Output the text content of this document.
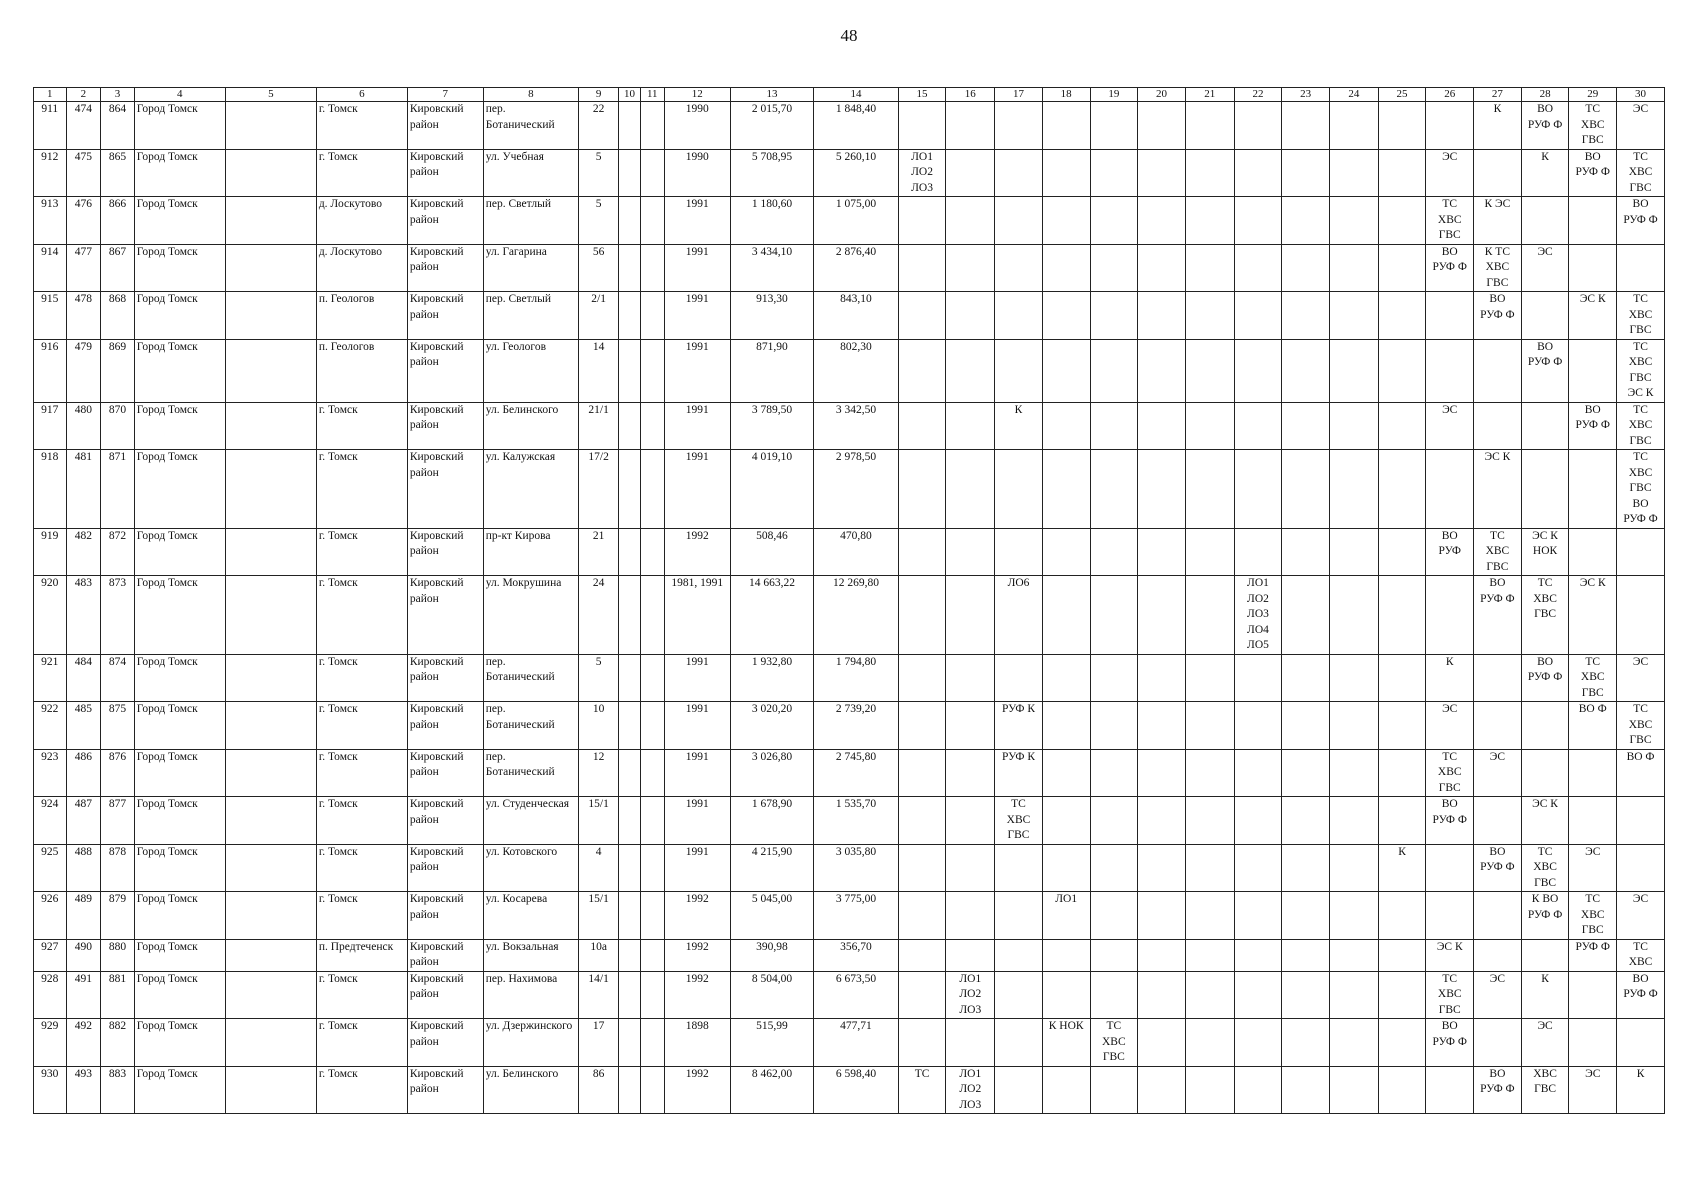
48
1	2	3	4	5	6	7	8	9	10	11	12	13	14	15	16	17	18	19	20	21	22	23	24	25	26	27	28	29	30
911	474	864	Город Томск		г. Томск	Кировский район	пер. Ботанический	22			1990	2 015,70	1 848,40													К	ВО
РУФ Ф	ТС
ХВС
ГВС	ЭС
912	475	865	Город Томск		г. Томск	Кировский район	ул. Учебная	5			1990	5 708,95	5 260,10	ЛО1
ЛО2
ЛО3											ЭС		К	ВО
РУФ Ф	ТС
ХВС
ГВС
913	476	866	Город Томск		д. Лоскутово	Кировский район	пер. Светлый	5			1991	1 180,60	1 075,00												ТС
ХВС
ГВС	К ЭС			ВО
РУФ Ф
914	477	867	Город Томск		д. Лоскутово	Кировский район	ул. Гагарина	56			1991	3 434,10	2 876,40												ВО
РУФ Ф	К ТС
ХВС
ГВС	ЭС		
915	478	868	Город Томск		п. Геологов	Кировский район	пер. Светлый	2/1			1991	913,30	843,10													ВО
РУФ Ф		ЭС К	ТС
ХВС
ГВС
916	479	869	Город Томск		п. Геологов	Кировский район	ул. Геологов	14			1991	871,90	802,30														ВО
РУФ Ф		ТС
ХВС
ГВС
ЭС К
917	480	870	Город Томск		г. Томск	Кировский район	ул. Белинского	21/1			1991	3 789,50	3 342,50			К									ЭС			ВО
РУФ Ф	ТС
ХВС
ГВС
918	481	871	Город Томск		г. Томск	Кировский район	ул. Калужская	17/2			1991	4 019,10	2 978,50													ЭС К			ТС
ХВС
ГВС
ВО
РУФ Ф
919	482	872	Город Томск		г. Томск	Кировский район	пр-кт Кирова	21			1992	508,46	470,80												ВО
РУФ	ТС
ХВС
ГВС	ЭС К
НОК		
920	483	873	Город Томск		г. Томск	Кировский район	ул. Мокрушина	24			1981, 1991	14 663,22	12 269,80			ЛО6					ЛО1
ЛО2
ЛО3
ЛО4
ЛО5					ВО
РУФ Ф	ТС
ХВС
ГВС	ЭС К	
921	484	874	Город Томск		г. Томск	Кировский район	пер. Ботанический	5			1991	1 932,80	1 794,80												К		ВО
РУФ Ф	ТС
ХВС
ГВС	ЭС
922	485	875	Город Томск		г. Томск	Кировский район	пер. Ботанический	10			1991	3 020,20	2 739,20			РУФ К									ЭС			ВО Ф	ТС
ХВС
ГВС
923	486	876	Город Томск		г. Томск	Кировский район	пер. Ботанический	12			1991	3 026,80	2 745,80			РУФ К									ТС
ХВС
ГВС	ЭС			ВО Ф
924	487	877	Город Томск		г. Томск	Кировский район	ул. Студенческая	15/1			1991	1 678,90	1 535,70			ТС
ХВС
ГВС									ВО
РУФ Ф		ЭС К		
925	488	878	Город Томск		г. Томск	Кировский район	ул. Котовского	4			1991	4 215,90	3 035,80											К		ВО
РУФ Ф	ТС
ХВС
ГВС	ЭС	
926	489	879	Город Томск		г. Томск	Кировский район	ул. Косарева	15/1			1992	5 045,00	3 775,00				ЛО1										К ВО
РУФ Ф	ТС
ХВС
ГВС	ЭС
927	490	880	Город Томск		п. Предтеченск	Кировский район	ул. Вокзальная	10а			1992	390,98	356,70												ЭС К			РУФ Ф	ТС
ХВС
928	491	881	Город Томск		г. Томск	Кировский район	пер. Нахимова	14/1			1992	8 504,00	6 673,50		ЛО1
ЛО2
ЛО3										ТС
ХВС
ГВС	ЭС	К		ВО
РУФ Ф
929	492	882	Город Томск		г. Томск	Кировский район	ул. Дзержинского	17			1898	515,99	477,71				К НОК	ТС
ХВС
ГВС							ВО
РУФ Ф		ЭС		
930	493	883	Город Томск		г. Томск	Кировский район	ул. Белинского	86			1992	8 462,00	6 598,40	ТС	ЛО1
ЛО2
ЛО3											ВО
РУФ Ф	ХВС
ГВС	ЭС	К
